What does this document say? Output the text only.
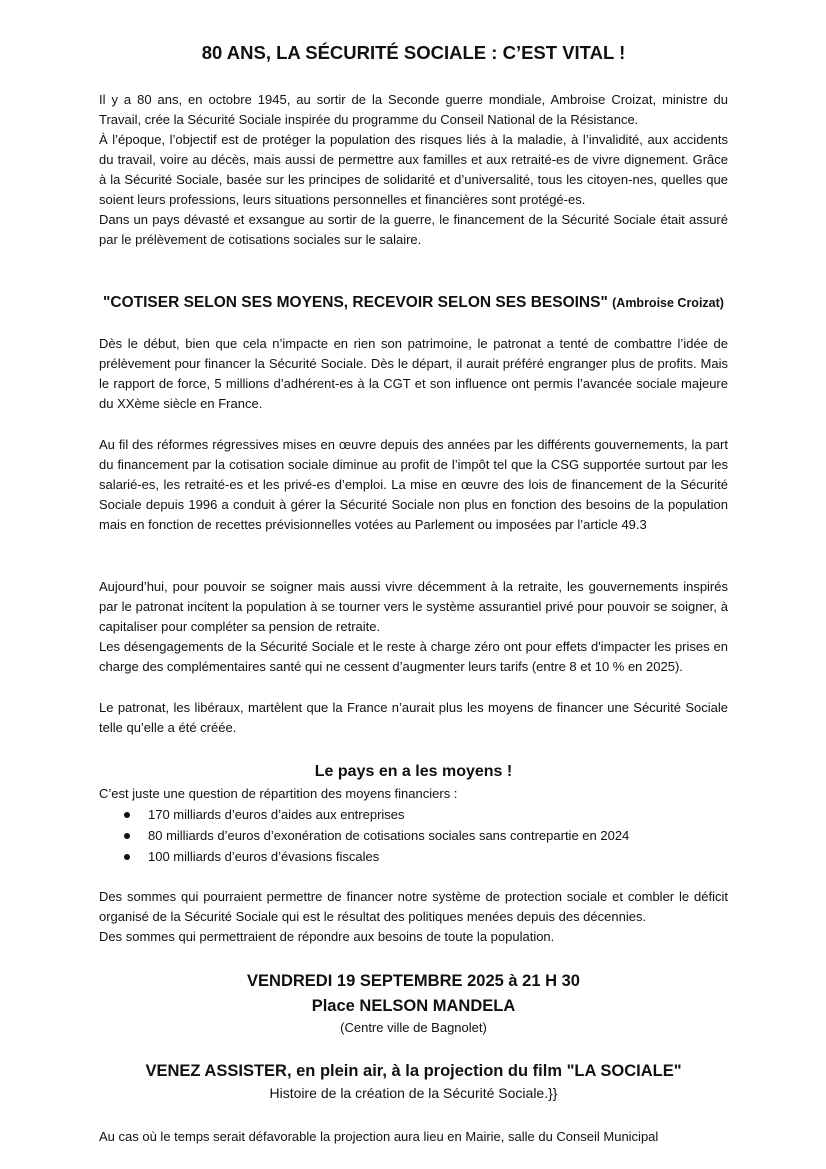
80 ANS, LA SÉCURITÉ SOCIALE : C’EST VITAL !

Il y a 80 ans, en octobre 1945, au sortir de la Seconde guerre mondiale, Ambroise Croizat, ministre du Travail, crée la Sécurité Sociale inspirée du programme du Conseil National de la Résistance.

À l’époque, l’objectif est de protéger la population des risques liés à la maladie, à l’invalidité, aux accidents du travail, voire au décès, mais aussi de permettre aux familles et aux retraité-es de vivre dignement. Grâce à la Sécurité Sociale, basée sur les principes de solidarité et d’universalité, tous les citoyen-nes, quelles que soient leurs professions, leurs situations personnelles et financières sont protégé-es.

Dans un pays dévasté et exsangue au sortir de la guerre, le financement de la Sécurité Sociale était assuré par le prélèvement de cotisations sociales sur le salaire.

"COTISER SELON SES MOYENS, RECEVOIR SELON SES BESOINS" (Ambroise Croizat)

Dès le début, bien que cela n’impacte en rien son patrimoine, le patronat a tenté de combattre l’idée de prélèvement pour financer la Sécurité Sociale. Dès le départ, il aurait préféré engranger plus de profits. Mais le rapport de force, 5 millions d’adhérent-es à la CGT et son influence ont permis l’avancée sociale majeure du XXème siècle en France.

Au fil des réformes régressives mises en œuvre depuis des années par les différents gouvernements, la part du financement par la cotisation sociale diminue au profit de l’impôt tel que la CSG supportée surtout par les salarié-es, les retraité-es et les privé-es d’emploi. La mise en œuvre des lois de financement de la Sécurité Sociale depuis 1996 a conduit à gérer la Sécurité Sociale non plus en fonction des besoins de la population mais en fonction de recettes prévisionnelles votées au Parlement ou imposées par l’article 49.3

Aujourd’hui, pour pouvoir se soigner mais aussi vivre décemment à la retraite, les gouvernements inspirés par le patronat incitent la population à se tourner vers le système assurantiel privé pour pouvoir se soigner, à capitaliser pour compléter sa pension de retraite.

Les désengagements de la Sécurité Sociale et le reste à charge zéro ont pour effets d'impacter les prises en charge des complémentaires santé qui ne cessent d’augmenter leurs tarifs (entre 8 et 10 % en 2025).

Le patronat, les libéraux, martèlent que la France n’aurait plus les moyens de financer une Sécurité Sociale telle qu’elle a été créée.

Le pays en a les moyens !

C’est juste une question de répartition des moyens financiers :

170 milliards d’euros d’aides aux entreprises
80 milliards d’euros d’exonération de cotisations sociales sans contrepartie en 2024
100 milliards d’euros d’évasions fiscales

Des sommes qui pourraient permettre de financer notre système de protection sociale et combler le déficit organisé de la Sécurité Sociale qui est le résultat des politiques menées depuis des décennies.

Des sommes qui permettraient de répondre aux besoins de toute la population.

VENDREDI 19 SEPTEMBRE 2025 à 21 H 30
Place NELSON MANDELA
(Centre ville de Bagnolet)
VENEZ ASSISTER, en plein air, à la projection du film "LA SOCIALE"
Histoire de la création de la Sécurité Sociale.}}

Au cas où le temps serait défavorable la projection aura lieu en Mairie, salle du Conseil Municipal
